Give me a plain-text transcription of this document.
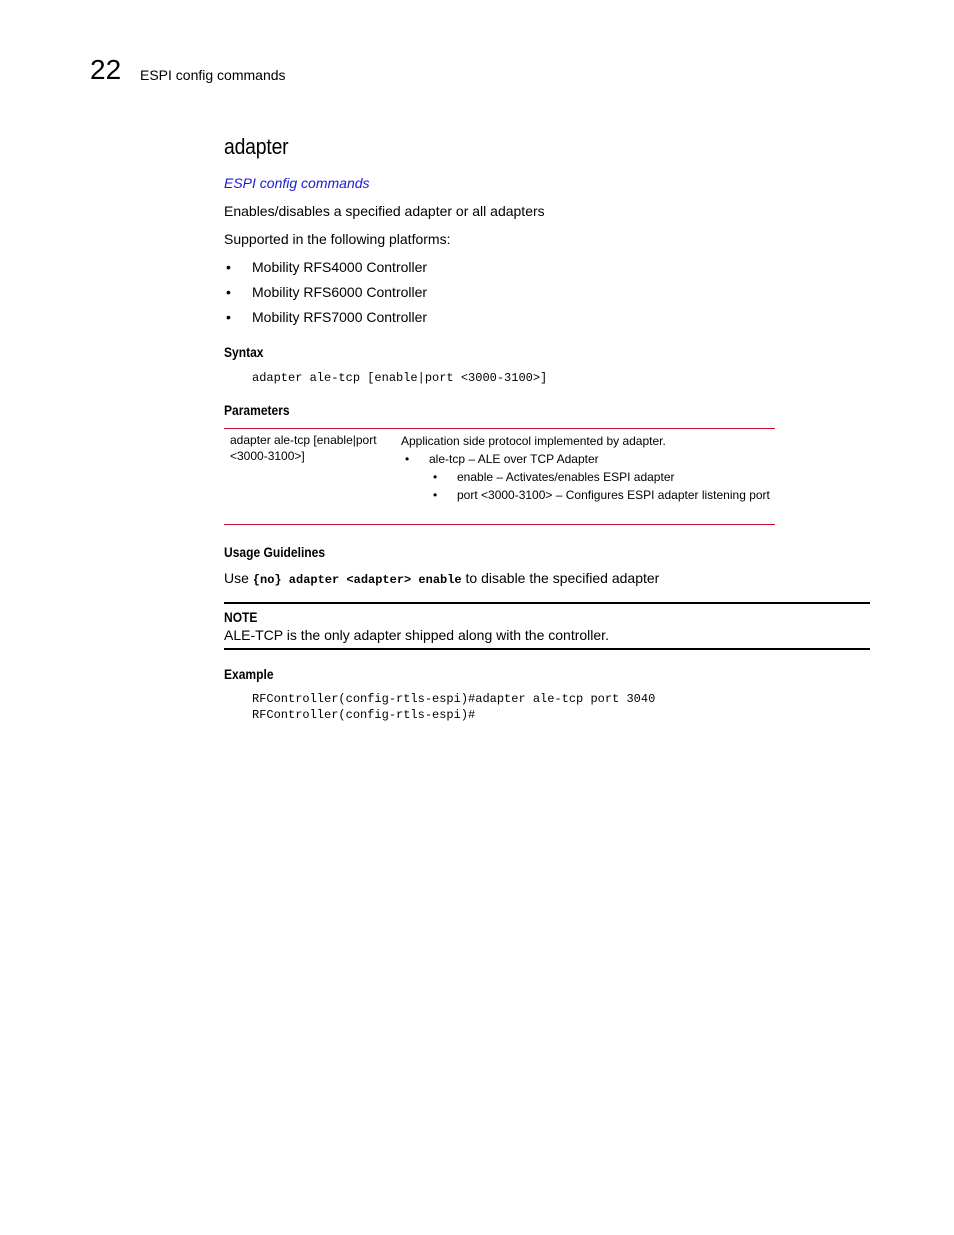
22 ESPI config commands
adapter
ESPI config commands
Enables/disables a specified adapter or all adapters
Supported in the following platforms:
• Mobility RFS4000 Controller
• Mobility RFS6000 Controller
• Mobility RFS7000 Controller
Syntax
adapter ale-tcp [enable|port <3000-3100>]
Parameters
adapter ale-tcp [enable|port
<3000-3100>]
Application side protocol implemented by adapter.
• ale-tcp – ALE over TCP Adapter
• enable – Activates/enables ESPI adapter
• port <3000-3100> – Configures ESPI adapter listening port
Usage Guidelines
Use {no} adapter <adapter> enable to disable the specified adapter
NOTE
ALE-TCP is the only adapter shipped along with the controller.
Example
RFController(config-rtls-espi)#adapter ale-tcp port 3040
RFController(config-rtls-espi)#
